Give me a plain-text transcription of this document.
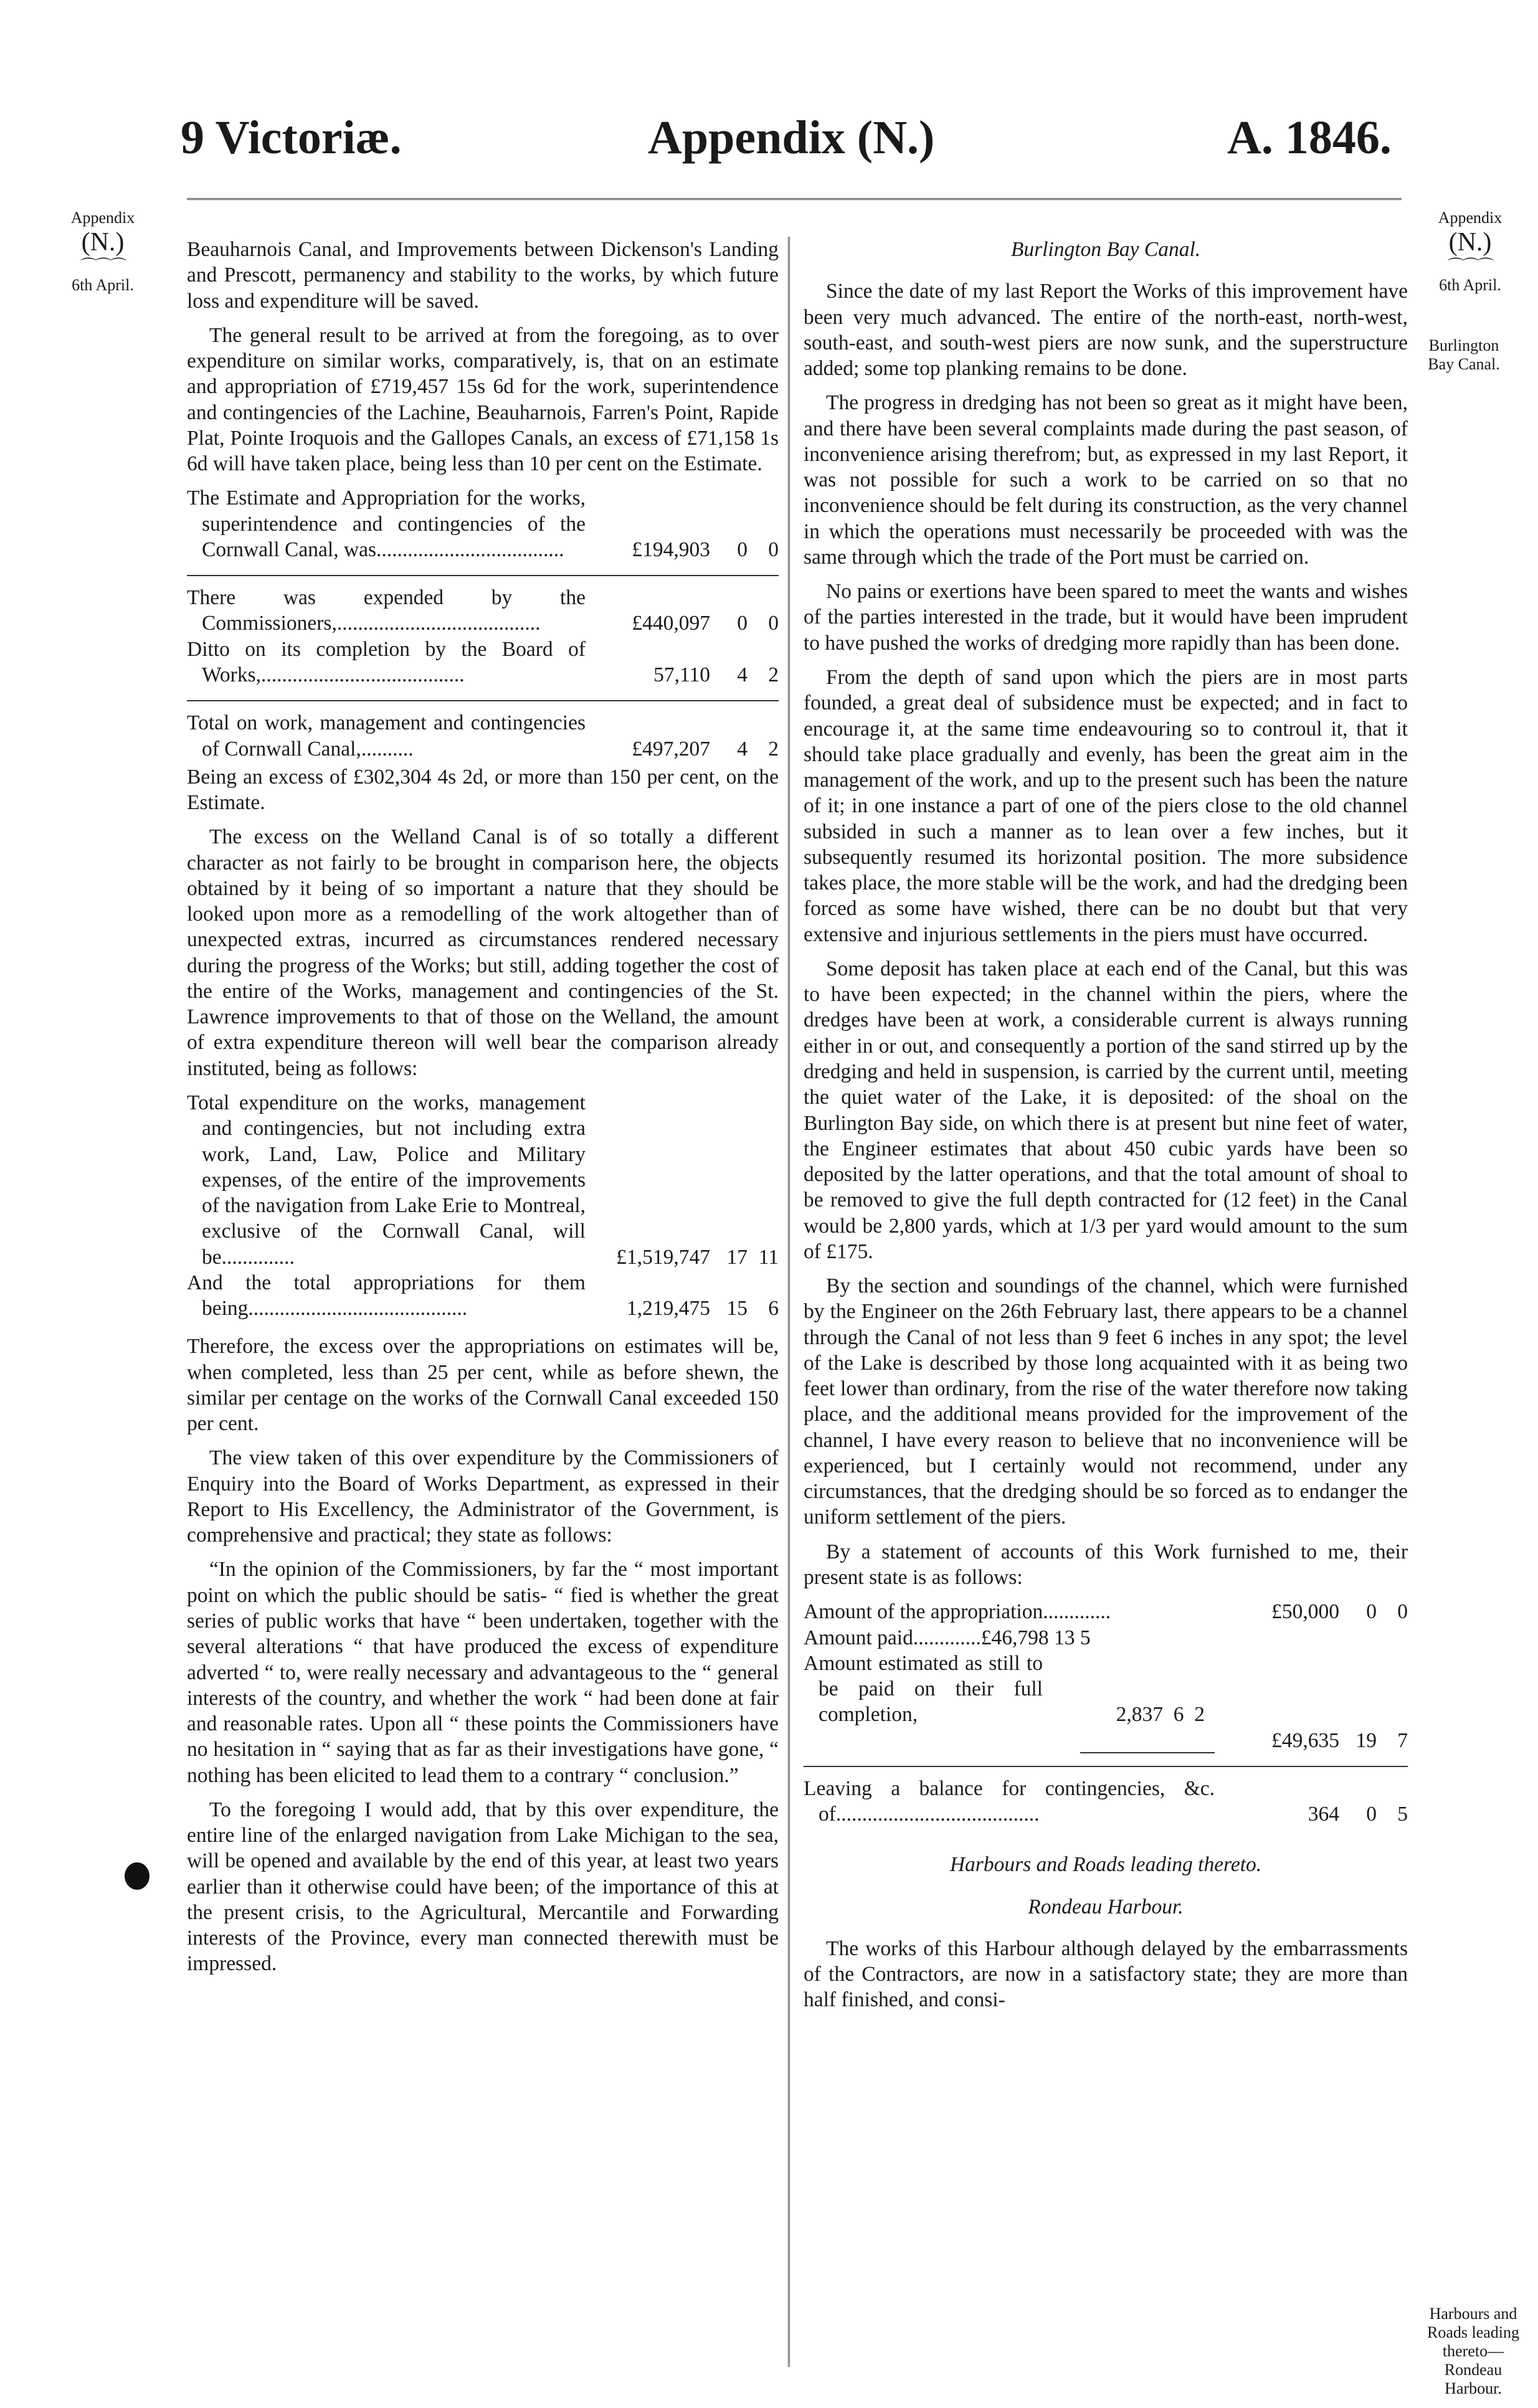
9 Victoriæ.	Appendix (N.)	A. 1846.
Appendix
(N.)
⌒⌒⌒
6th April.
Appendix
(N.)
⌒⌒⌒
6th April.
Burlington Bay Canal.
Harbours and Roads leading thereto—Rondeau Harbour.

Beauharnois Canal, and Improvements between Dickenson's Landing and Prescott, permanency and stability to the works, by which future loss and expenditure will be saved.

The general result to be arrived at from the foregoing, as to over expenditure on similar works, comparatively, is, that on an estimate and appropriation of £719,457 15s 6d for the work, superintendence and contingencies of the Lachine, Beauharnois, Farren's Point, Rapide Plat, Pointe Iroquois and the Gallopes Canals, an excess of £71,158 1s 6d will have taken place, being less than 10 per cent on the Estimate.

The Estimate and Appropriation for the works, superintendence and contingencies of the Cornwall Canal, was....................................	£194,903	0 0
There was expended by the Commissioners,.......................................	£440,097	0 0
Ditto on its completion by the Board of Works,.......................................	57,110	4 2
Total on work, management and contingencies of Cornwall Canal,..........	£497,207	4 2

Being an excess of £302,304 4s 2d, or more than 150 per cent, on the Estimate.

The excess on the Welland Canal is of so totally a different character as not fairly to be brought in comparison here, the objects obtained by it being of so important a nature that they should be looked upon more as a remodelling of the work altogether than of unexpected extras, incurred as circumstances rendered necessary during the progress of the Works; but still, adding together the cost of the entire of the Works, management and contingencies of the St. Lawrence improvements to that of those on the Welland, the amount of extra expenditure thereon will well bear the comparison already instituted, being as follows:

Total expenditure on the works, management and contingencies, but not including extra work, Land, Law, Police and Military expenses, of the entire of the improvements of the navigation from Lake Erie to Montreal, exclusive of the Cornwall Canal, will be..............	£1,519,747 17 11
And the total appropriations for them being..........................................	1,219,475 15 6

Therefore, the excess over the appropriations on estimates will be, when completed, less than 25 per cent, while as before shewn, the similar per centage on the works of the Cornwall Canal exceeded 150 per cent.

The view taken of this over expenditure by the Commissioners of Enquiry into the Board of Works Department, as expressed in their Report to His Excellency, the Administrator of the Government, is comprehensive and practical; they state as follows:

“In the opinion of the Commissioners, by far the “ most important point on which the public should be satis- “ fied is whether the great series of public works that have “ been undertaken, together with the several alterations “ that have produced the excess of expenditure adverted “ to, were really necessary and advantageous to the “ general interests of the country, and whether the work “ had been done at fair and reasonable rates. Upon all “ these points the Commissioners have no hesitation in “ saying that as far as their investigations have gone, “ nothing has been elicited to lead them to a contrary “ conclusion.”

To the foregoing I would add, that by this over expenditure, the entire line of the enlarged navigation from Lake Michigan to the sea, will be opened and available by the end of this year, at least two years earlier than it otherwise could have been; of the importance of this at the present crisis, to the Agricultural, Mercantile and Forwarding interests of the Province, every man connected therewith must be impressed.

Burlington Bay Canal.

Since the date of my last Report the Works of this improvement have been very much advanced. The entire of the north-east, north-west, south-east, and south-west piers are now sunk, and the superstructure added; some top planking remains to be done.

The progress in dredging has not been so great as it might have been, and there have been several complaints made during the past season, of inconvenience arising therefrom; but, as expressed in my last Report, it was not possible for such a work to be carried on so that no inconvenience should be felt during its construction, as the very channel in which the operations must necessarily be proceeded with was the same through which the trade of the Port must be carried on.

No pains or exertions have been spared to meet the wants and wishes of the parties interested in the trade, but it would have been imprudent to have pushed the works of dredging more rapidly than has been done.

From the depth of sand upon which the piers are in most parts founded, a great deal of subsidence must be expected; and in fact to encourage it, at the same time endeavouring so to controul it, that it should take place gradually and evenly, has been the great aim in the management of the work, and up to the present such has been the nature of it; in one instance a part of one of the piers close to the old channel subsided in such a manner as to lean over a few inches, but it subsequently resumed its horizontal position. The more subsidence takes place, the more stable will be the work, and had the dredging been forced as some have wished, there can be no doubt but that very extensive and injurious settlements in the piers must have occurred.

Some deposit has taken place at each end of the Canal, but this was to have been expected; in the channel within the piers, where the dredges have been at work, a considerable current is always running either in or out, and consequently a portion of the sand stirred up by the dredging and held in suspension, is carried by the current until, meeting the quiet water of the Lake, it is deposited: of the shoal on the Burlington Bay side, on which there is at present but nine feet of water, the Engineer estimates that about 450 cubic yards have been so deposited by the latter operations, and that the total amount of shoal to be removed to give the full depth contracted for (12 feet) in the Canal would be 2,800 yards, which at 1/3 per yard would amount to the sum of £175.

By the section and soundings of the channel, which were furnished by the Engineer on the 26th February last, there appears to be a channel through the Canal of not less than 9 feet 6 inches in any spot; the level of the Lake is described by those long acquainted with it as being two feet lower than ordinary, from the rise of the water therefore now taking place, and the additional means provided for the improvement of the channel, I have every reason to believe that no inconvenience will be experienced, but I certainly would not recommend, under any circumstances, that the dredging should be so forced as to endanger the uniform settlement of the piers.

By a statement of accounts of this Work furnished to me, their present state is as follows:

Amount of the appropriation.............	£50,000	0 0
Amount paid.............£46,798 13 5
Amount estimated as still to be paid on their full completion,	2,837  6  2
£49,635 19 7
Leaving a balance for contingencies, &c. of.......................................	364	0 5

Harbours and Roads leading thereto.

Rondeau Harbour.

The works of this Harbour although delayed by the embarrassments of the Contractors, are now in a satisfactory state; they are more than half finished, and consi-
